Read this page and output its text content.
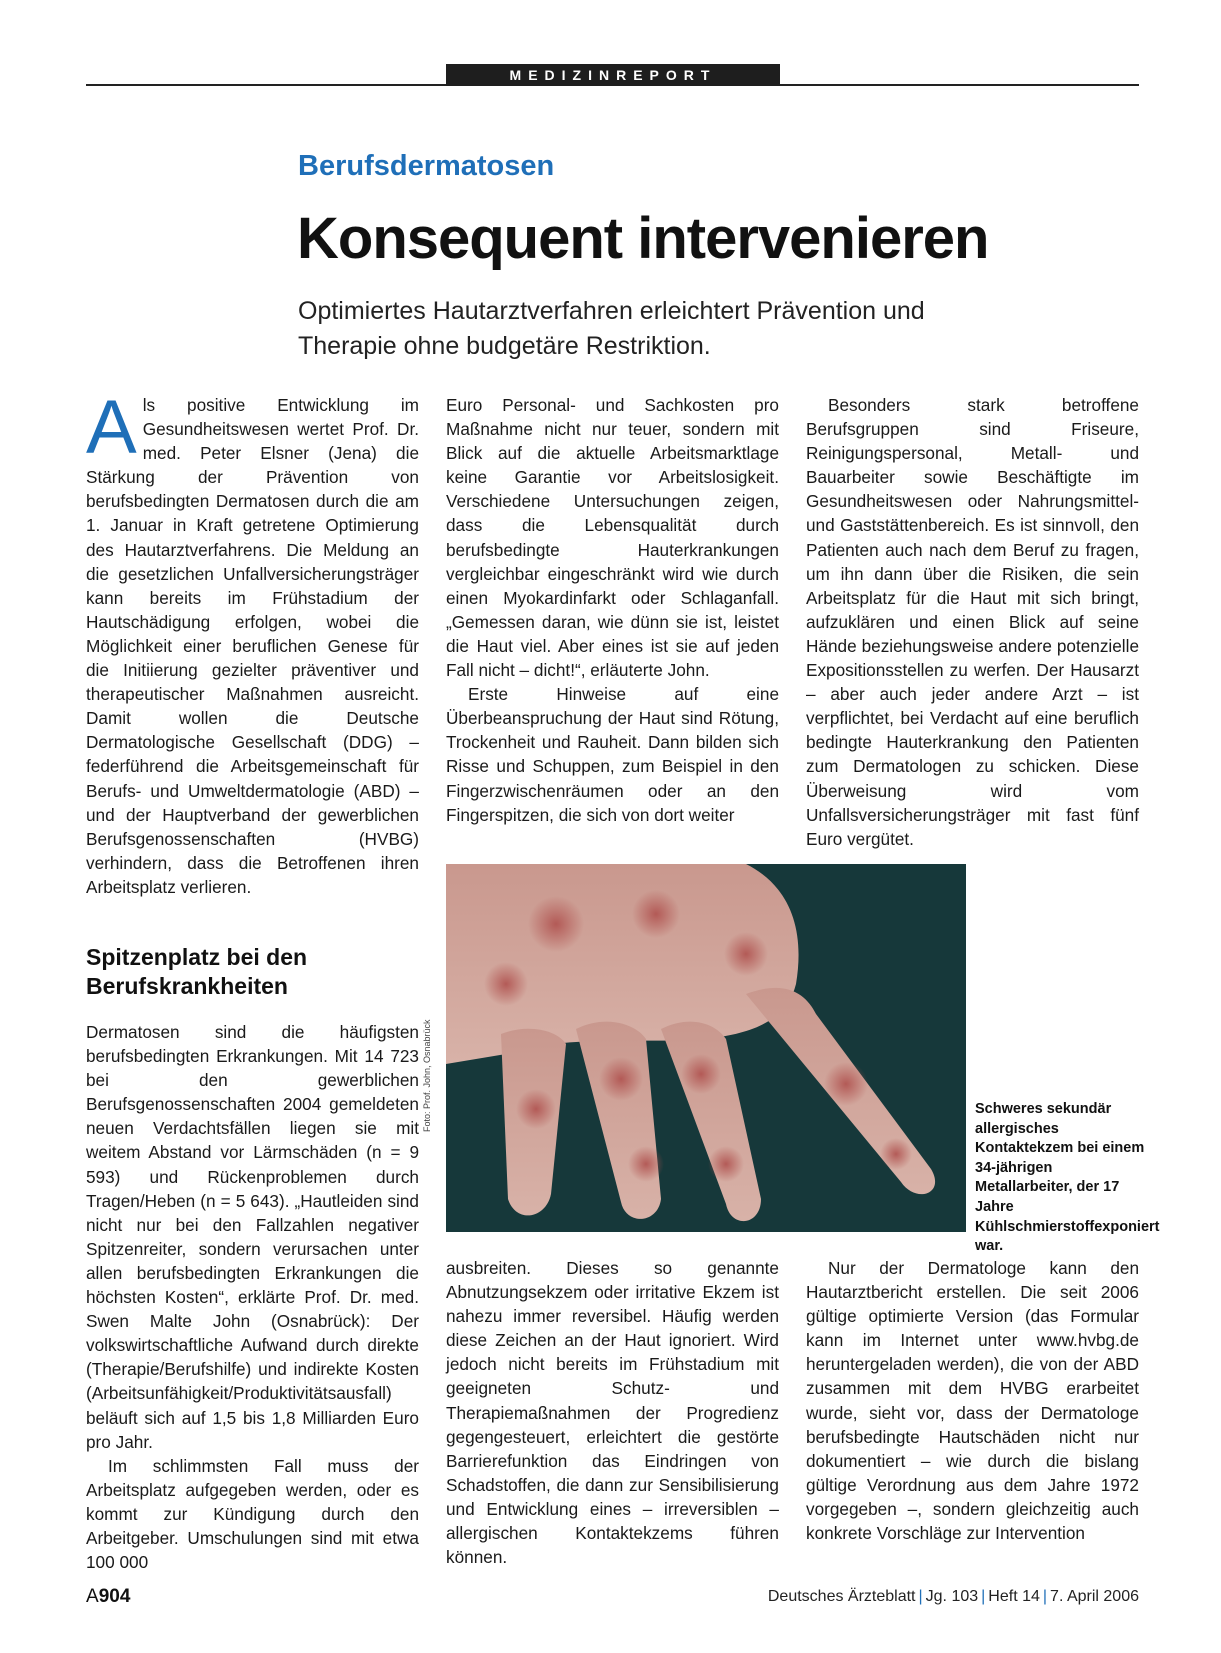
MEDIZINREPORT
Berufsdermatosen
Konsequent intervenieren
Optimiertes Hautarztverfahren erleichtert Prävention und
Therapie ohne budgetäre Restriktion.

Als positive Entwicklung im Gesundheitswesen wertet Prof. Dr. med. Peter Elsner (Jena) die Stärkung der Prävention von berufsbedingten Dermatosen durch die am 1. Januar in Kraft getretene Optimierung des Hautarztverfahrens. Die Meldung an die gesetzlichen Unfallversicherungsträger kann bereits im Frühstadium der Hautschädigung erfolgen, wobei die Möglichkeit einer beruflichen Genese für die Initiierung gezielter präventiver und therapeutischer Maßnahmen ausreicht. Damit wollen die Deutsche Dermatologische Gesellschaft (DDG) – federführend die Arbeitsgemeinschaft für Berufs- und Umweltdermatologie (ABD) – und der Hauptverband der gewerblichen Berufsgenossenschaften (HVBG) verhindern, dass die Betroffenen ihren Arbeitsplatz verlieren.

Spitzenplatz bei den Berufskrankheiten

Dermatosen sind die häufigsten berufsbedingten Erkrankungen. Mit 14 723 bei den gewerblichen Berufsgenossenschaften 2004 gemeldeten neuen Verdachtsfällen liegen sie mit weitem Abstand vor Lärmschäden (n = 9 593) und Rückenproblemen durch Tragen/Heben (n = 5 643). „Hautleiden sind nicht nur bei den Fallzahlen negativer Spitzenreiter, sondern verursachen unter allen berufsbedingten Erkrankungen die höchsten Kosten“, erklärte Prof. Dr. med. Swen Malte John (Osnabrück): Der volkswirtschaftliche Aufwand durch direkte (Therapie/Berufshilfe) und indirekte Kosten (Arbeitsunfähigkeit/Produktivitätsausfall) beläuft sich auf 1,5 bis 1,8 Milliarden Euro pro Jahr.

Im schlimmsten Fall muss der Arbeitsplatz aufgegeben werden, oder es kommt zur Kündigung durch den Arbeitgeber. Umschulungen sind mit etwa 100 000

Euro Personal- und Sachkosten pro Maßnahme nicht nur teuer, sondern mit Blick auf die aktuelle Arbeitsmarktlage keine Garantie vor Arbeitslosigkeit. Verschiedene Untersuchungen zeigen, dass die Lebensqualität durch berufsbedingte Hauterkrankungen vergleichbar eingeschränkt wird wie durch einen Myokardinfarkt oder Schlaganfall. „Gemessen daran, wie dünn sie ist, leistet die Haut viel. Aber eines ist sie auf jeden Fall nicht – dicht!“, erläuterte John.

Erste Hinweise auf eine Überbeanspruchung der Haut sind Rötung, Trockenheit und Rauheit. Dann bilden sich Risse und Schuppen, zum Beispiel in den Fingerzwischenräumen oder an den Fingerspitzen, die sich von dort weiter

Besonders stark betroffene Berufsgruppen sind Friseure, Reinigungspersonal, Metall- und Bauarbeiter sowie Beschäftigte im Gesundheitswesen oder Nahrungsmittel- und Gaststättenbereich. Es ist sinnvoll, den Patienten auch nach dem Beruf zu fragen, um ihn dann über die Risiken, die sein Arbeitsplatz für die Haut mit sich bringt, aufzuklären und einen Blick auf seine Hände beziehungsweise andere potenzielle Expositionsstellen zu werfen. Der Hausarzt – aber auch jeder andere Arzt – ist verpflichtet, bei Verdacht auf eine beruflich bedingte Hauterkrankung den Patienten zum Dermatologen zu schicken. Diese Überweisung wird vom Unfallsversicherungsträger mit fast fünf Euro vergütet.

Foto: Prof. John, Osnabrück	Schweres sekundär allergisches Kontaktekzem bei einem 34-jährigen Metallarbeiter, der 17 Jahre Kühlschmierstoffexponiert war.

ausbreiten. Dieses so genannte Abnutzungsekzem oder irritative Ekzem ist nahezu immer reversibel. Häufig werden diese Zeichen an der Haut ignoriert. Wird jedoch nicht bereits im Frühstadium mit geeigneten Schutz- und Therapiemaßnahmen der Progredienz gegengesteuert, erleichtert die gestörte Barrierefunktion das Eindringen von Schadstoffen, die dann zur Sensibilisierung und Entwicklung eines – irreversiblen – allergischen Kontaktekzems führen können.

Nur der Dermatologe kann den Hautarztbericht erstellen. Die seit 2006 gültige optimierte Version (das Formular kann im Internet unter www.hvbg.de heruntergeladen werden), die von der ABD zusammen mit dem HVBG erarbeitet wurde, sieht vor, dass der Dermatologe berufsbedingte Hautschäden nicht nur dokumentiert – wie durch die bislang gültige Verordnung aus dem Jahre 1972 vorgegeben –, sondern gleichzeitig auch konkrete Vorschläge zur Intervention

A904	Deutsches Ärzteblatt | Jg. 103 | Heft 14 | 7. April 2006
